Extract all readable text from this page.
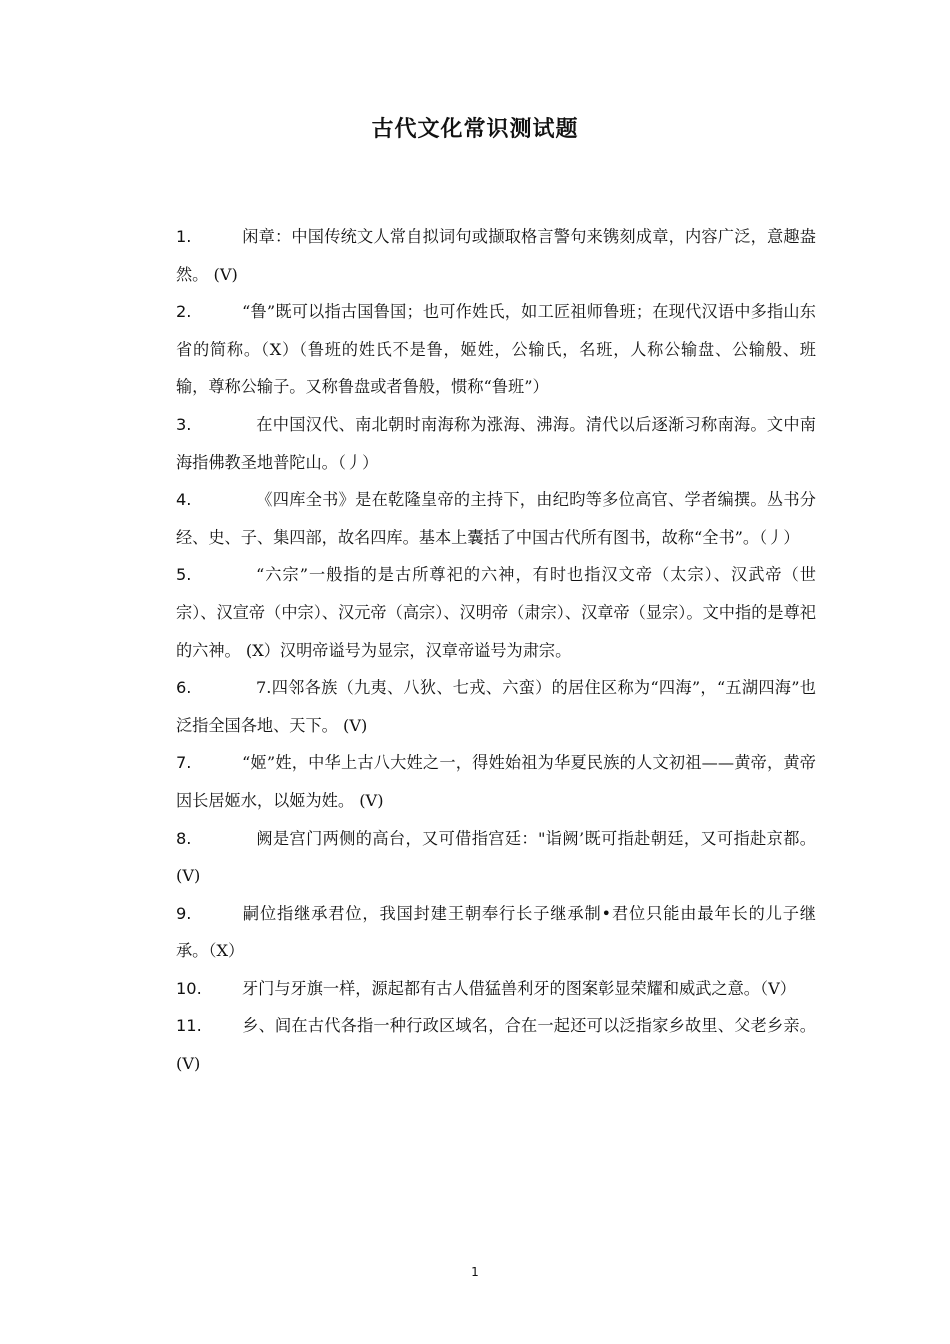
古代文化常识测试题
1.	闲章：中国传统文人常自拟词句或撷取格言警句来镌刻成章，内容广泛，意趣盎然。 (V)
2.	“鲁”既可以指古国鲁国；也可作姓氏，如工匠祖师鲁班；在现代汉语中多指山东省的简称。（X）（鲁班的姓氏不是鲁，姬姓，公输氏，名班，人称公输盘、公输般、班输，尊称公输子。又称鲁盘或者鲁般，惯称“鲁班”）
3.	在中国汉代、南北朝时南海称为涨海、沸海。清代以后逐渐习称南海。文中南海指佛教圣地普陀山。（丿）
4.	《四库全书》是在乾隆皇帝的主持下，由纪昀等多位高官、学者编撰。丛书分经、史、子、集四部，故名四库。基本上囊括了中国古代所有图书，故称“全书”。（丿）
5.	“六宗”一般指的是古所尊祀的六神，有时也指汉文帝（太宗）、汉武帝（世宗）、汉宣帝（中宗）、汉元帝（高宗）、汉明帝（肃宗）、汉章帝（显宗）。文中指的是尊祀的六神。 (X）汉明帝谥号为显宗，汉章帝谥号为肃宗。
6.	7.四邻各族（九夷、八狄、七戎、六蛮）的居住区称为“四海”，“五湖四海”也泛指全国各地、天下。 (V)
7.	“姬”姓，中华上古八大姓之一，得姓始祖为华夏民族的人文初祖——黄帝，黄帝因长居姬水，以姬为姓。 (V)
8.	阙是宫门两侧的高台，又可借指宫廷："诣阙’既可指赴朝廷，又可指赴京都。 (V)
9.	嗣位指继承君位，我国封建王朝奉行长子继承制•君位只能由最年长的儿子继承。（X）
10. 牙门与牙旗一样，源起都有古人借猛兽利牙的图案彰显荣耀和威武之意。（V）
11. 乡、闾在古代各指一种行政区域名，合在一起还可以泛指家乡故里、父老乡亲。 (V)
1
